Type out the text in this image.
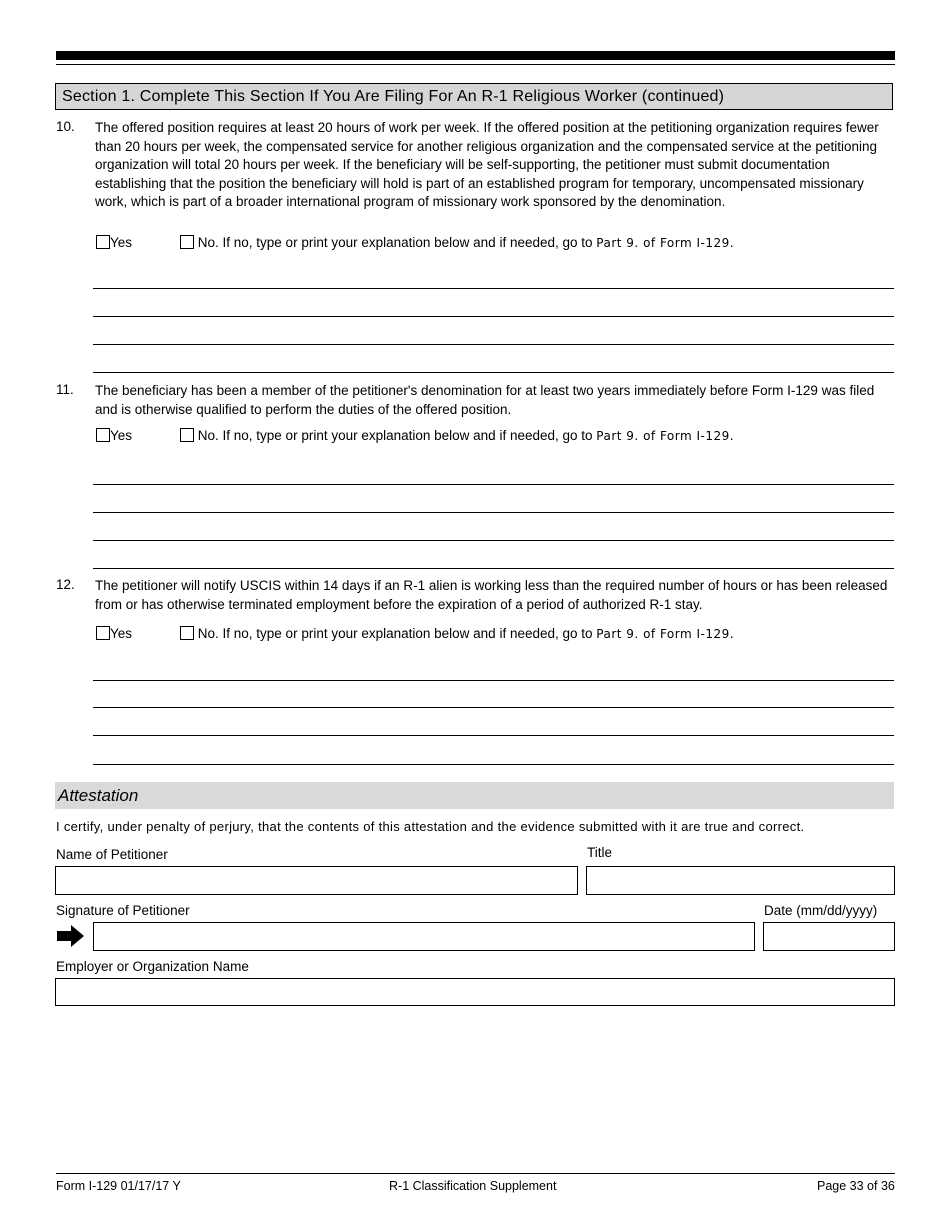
Section 1. Complete This Section If You Are Filing For An R-1 Religious Worker (continued)
10. The offered position requires at least 20 hours of work per week. If the offered position at the petitioning organization requires fewer than 20 hours per week, the compensated service for another religious organization and the compensated service at the petitioning organization will total 20 hours per week. If the beneficiary will be self-supporting, the petitioner must submit documentation establishing that the position the beneficiary will hold is part of an established program for temporary, uncompensated missionary work, which is part of a broader international program of missionary work sponsored by the denomination.
Yes	No. If no, type or print your explanation below and if needed, go to Part 9. of Form I-129.
11. The beneficiary has been a member of the petitioner's denomination for at least two years immediately before Form I-129 was filed and is otherwise qualified to perform the duties of the offered position.
Yes	No. If no, type or print your explanation below and if needed, go to Part 9. of Form I-129.
12. The petitioner will notify USCIS within 14 days if an R-1 alien is working less than the required number of hours or has been released from or has otherwise terminated employment before the expiration of a period of authorized R-1 stay.
Yes	No. If no, type or print your explanation below and if needed, go to Part 9. of Form I-129.
Attestation
I certify, under penalty of perjury, that the contents of this attestation and the evidence submitted with it are true and correct.
Name of Petitioner	Title
Signature of Petitioner	Date (mm/dd/yyyy)
Employer or Organization Name
Form I-129 01/17/17 Y	R-1 Classification Supplement	Page 33 of 36
